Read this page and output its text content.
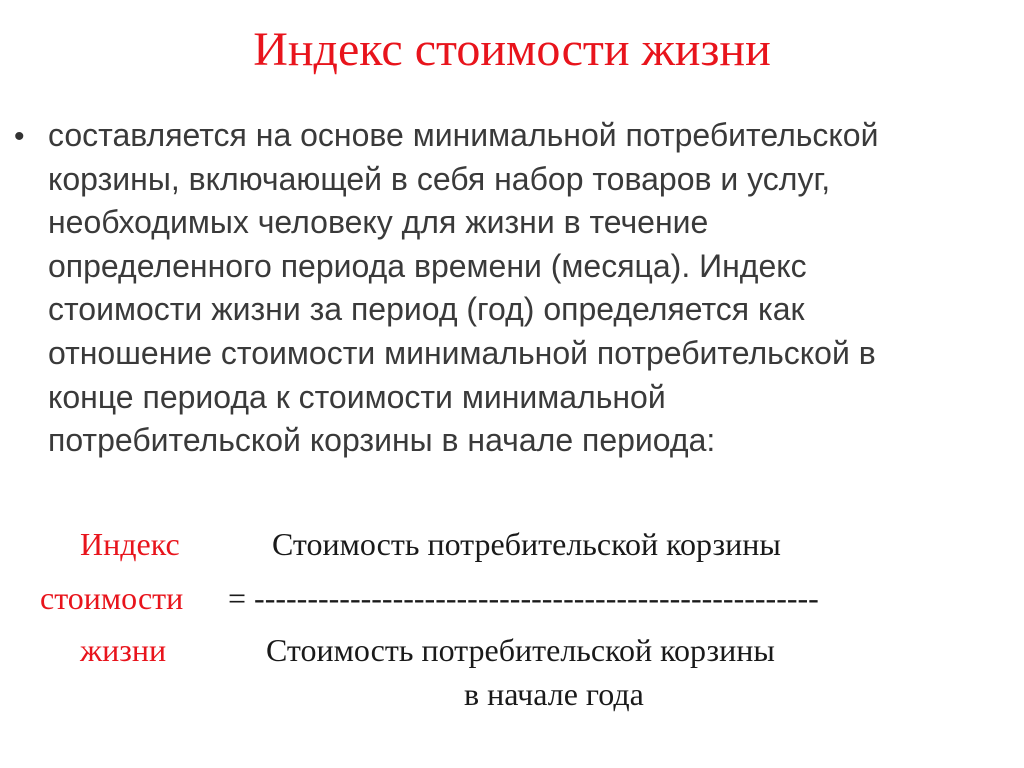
Индекс стоимости жизни
• составляется на основе минимальной потребительской
корзины, включающей в себя набор товаров и услуг,
необходимых человеку для жизни в течение
определенного периода времени (месяца). Индекс
стоимости жизни за период (год) определяется как
отношение стоимости минимальной потребительской в
конце периода к стоимости минимальной
потребительской корзины в начале периода:
Индекс	Стоимость потребительской корзины
стоимости = -----------------------------------------------------
жизни	Стоимость потребительской корзины
в начале года
